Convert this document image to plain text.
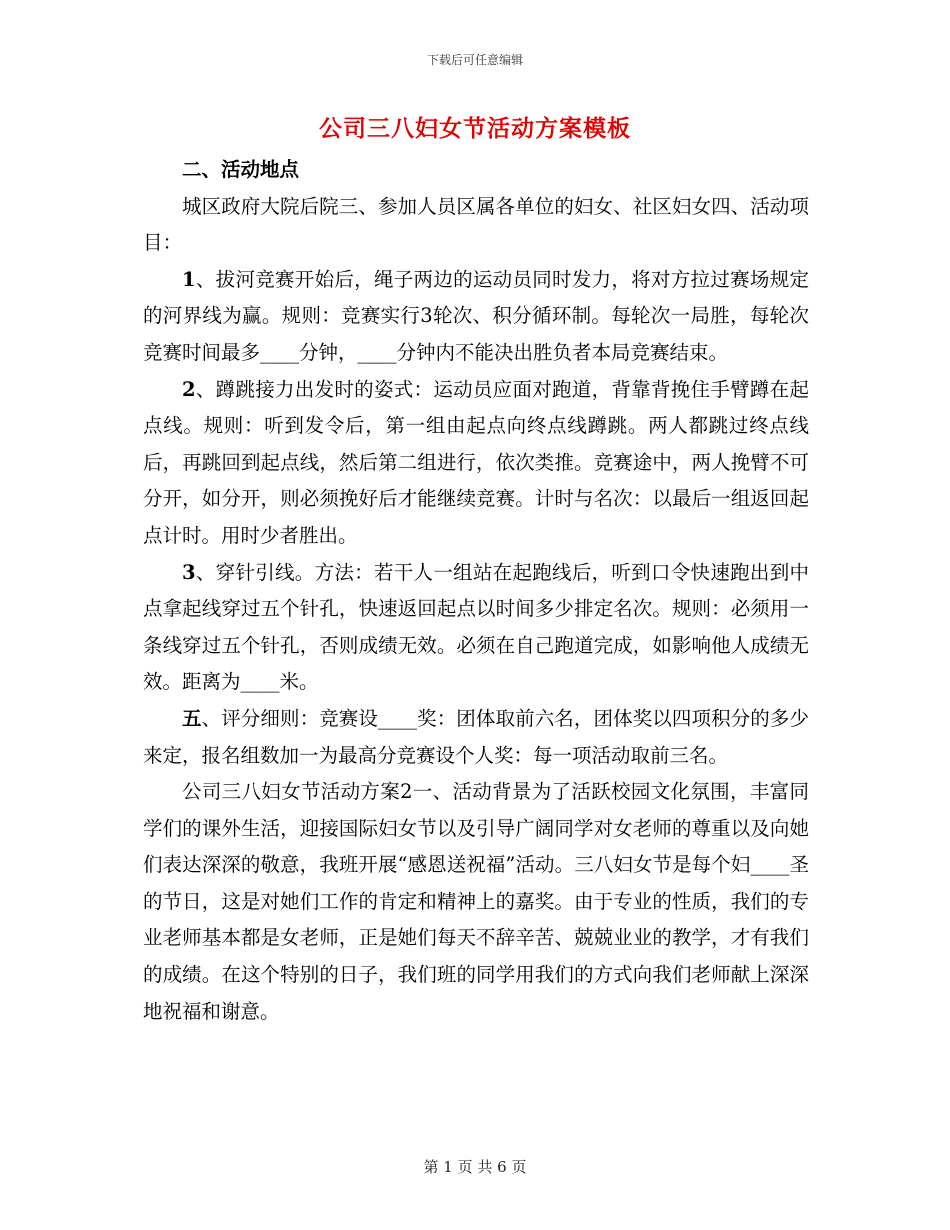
下载后可任意编辑
公司三八妇女节活动方案模板

二、活动地点

城区政府大院后院三、参加人员区属各单位的妇女、社区妇女四、活动项目：

1、拔河竞赛开始后，绳子两边的运动员同时发力，将对方拉过赛场规定的河界线为赢。规则：竞赛实行3轮次、积分循环制。每轮次一局胜，每轮次竞赛时间最多____分钟，____分钟内不能决出胜负者本局竞赛结束。

2、蹲跳接力出发时的姿式：运动员应面对跑道，背靠背挽住手臂蹲在起点线。规则：听到发令后，第一组由起点向终点线蹲跳。两人都跳过终点线后，再跳回到起点线，然后第二组进行，依次类推。竞赛途中，两人挽臂不可分开，如分开，则必须挽好后才能继续竞赛。计时与名次：以最后一组返回起点计时。用时少者胜出。

3、穿针引线。方法：若干人一组站在起跑线后，听到口令快速跑出到中点拿起线穿过五个针孔，快速返回起点以时间多少排定名次。规则：必须用一条线穿过五个针孔，否则成绩无效。必须在自己跑道完成，如影响他人成绩无效。距离为____米。

五、评分细则：竞赛设____奖：团体取前六名，团体奖以四项积分的多少来定，报名组数加一为最高分竞赛设个人奖：每一项活动取前三名。

公司三八妇女节活动方案2一、活动背景为了活跃校园文化氛围，丰富同学们的课外生活，迎接国际妇女节以及引导广阔同学对女老师的尊重以及向她们表达深深的敬意，我班开展“感恩送祝福”活动。三八妇女节是每个妇____圣的节日，这是对她们工作的肯定和精神上的嘉奖。由于专业的性质，我们的专业老师基本都是女老师，正是她们每天不辞辛苦、兢兢业业的教学，才有我们的成绩。在这个特别的日子，我们班的同学用我们的方式向我们老师献上深深地祝福和谢意。

第 1 页 共 6 页
